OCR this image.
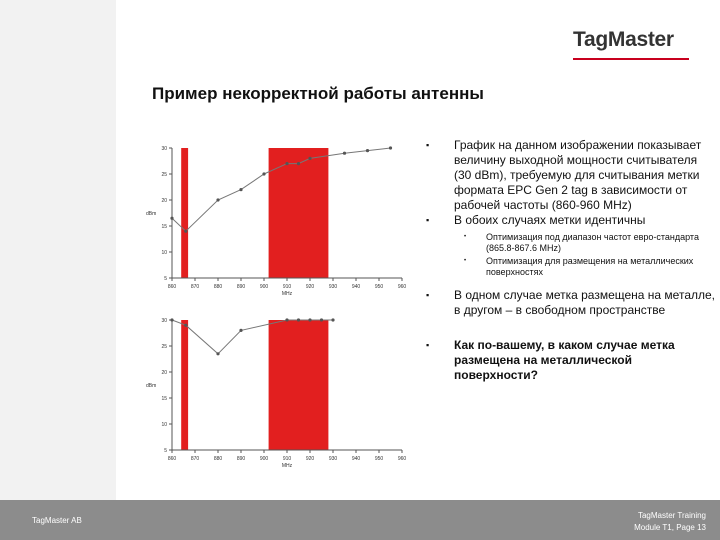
TagMaster
Пример некорректной работы антенны
30
25
20
15
10
5
860	870	880	890	900	910	920	930	940	950	960
dBm
MHz
30
25
20
15
10
5
860	870	880	890	900	910	920	930	940	950	960
dBm
MHz
▪ График на данном изображении показывает величину выходной мощности считывателя (30 dBm), требуемую для считывания метки формата EPC Gen 2 tag в зависимости от рабочей частоты (860-960 MHz)
▪ В обоих случаях метки идентичны
• Оптимизация под диапазон частот евро-стандарта (865.8-867.6 MHz)
• Оптимизация для размещения на металлических поверхностях
▪ В одном случае метка размещена на металле, в другом – в свободном пространстве
▪ Как по-вашему, в каком случае метка размещена на металлической поверхности?
TagMaster AB
TagMaster Training
Module T1, Page 13
